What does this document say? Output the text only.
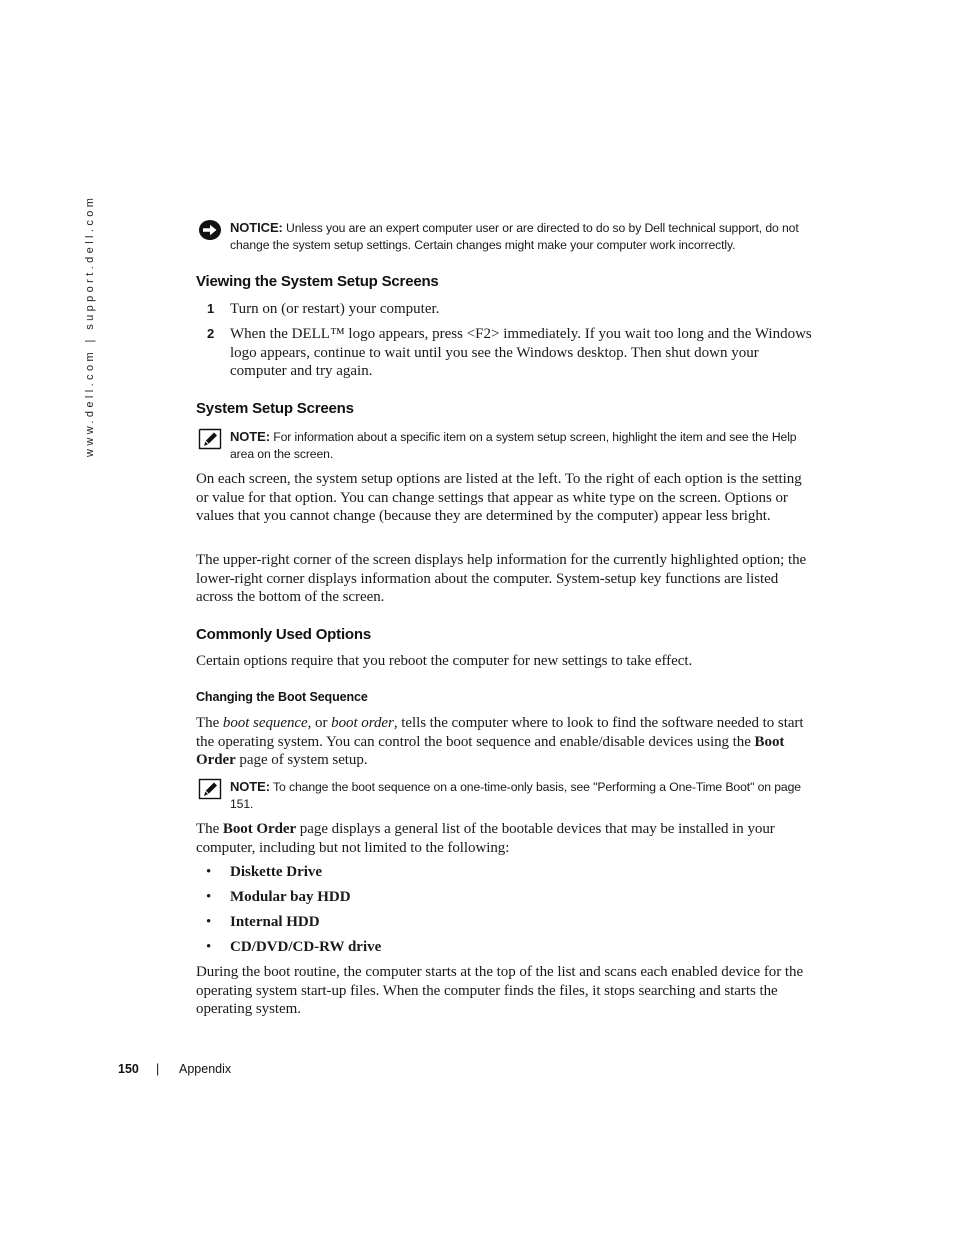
www.dell.com | support.dell.com	NOTICE: Unless you are an expert computer user or are directed to do so by Dell technical support, do not change the system setup settings. Certain changes might make your computer work incorrectly.
Viewing the System Setup Screens
1 Turn on (or restart) your computer.
2 When the DELL™ logo appears, press <F2> immediately. If you wait too long and the Windows logo appears, continue to wait until you see the Windows desktop. Then shut down your computer and try again.
System Setup Screens
NOTE: For information about a specific item on a system setup screen, highlight the item and see the Help area on the screen.

On each screen, the system setup options are listed at the left. To the right of each option is the setting or value for that option. You can change settings that appear as white type on the screen. Options or values that you cannot change (because they are determined by the computer) appear less bright.

The upper-right corner of the screen displays help information for the currently highlighted option; the lower-right corner displays information about the computer. System-setup key functions are listed across the bottom of the screen.

Commonly Used Options

Certain options require that you reboot the computer for new settings to take effect.

Changing the Boot Sequence

The boot sequence, or boot order, tells the computer where to look to find the software needed to start the operating system. You can control the boot sequence and enable/disable devices using the Boot Order page of system setup.

NOTE: To change the boot sequence on a one-time-only basis, see "Performing a One-Time Boot" on page 151.

The Boot Order page displays a general list of the bootable devices that may be installed in your computer, including but not limited to the following:

• Diskette Drive
• Modular bay HDD
• Internal HDD
• CD/DVD/CD-RW drive

During the boot routine, the computer starts at the top of the list and scans each enabled device for the operating system start-up files. When the computer finds the files, it stops searching and starts the operating system.

150 | Appendix
